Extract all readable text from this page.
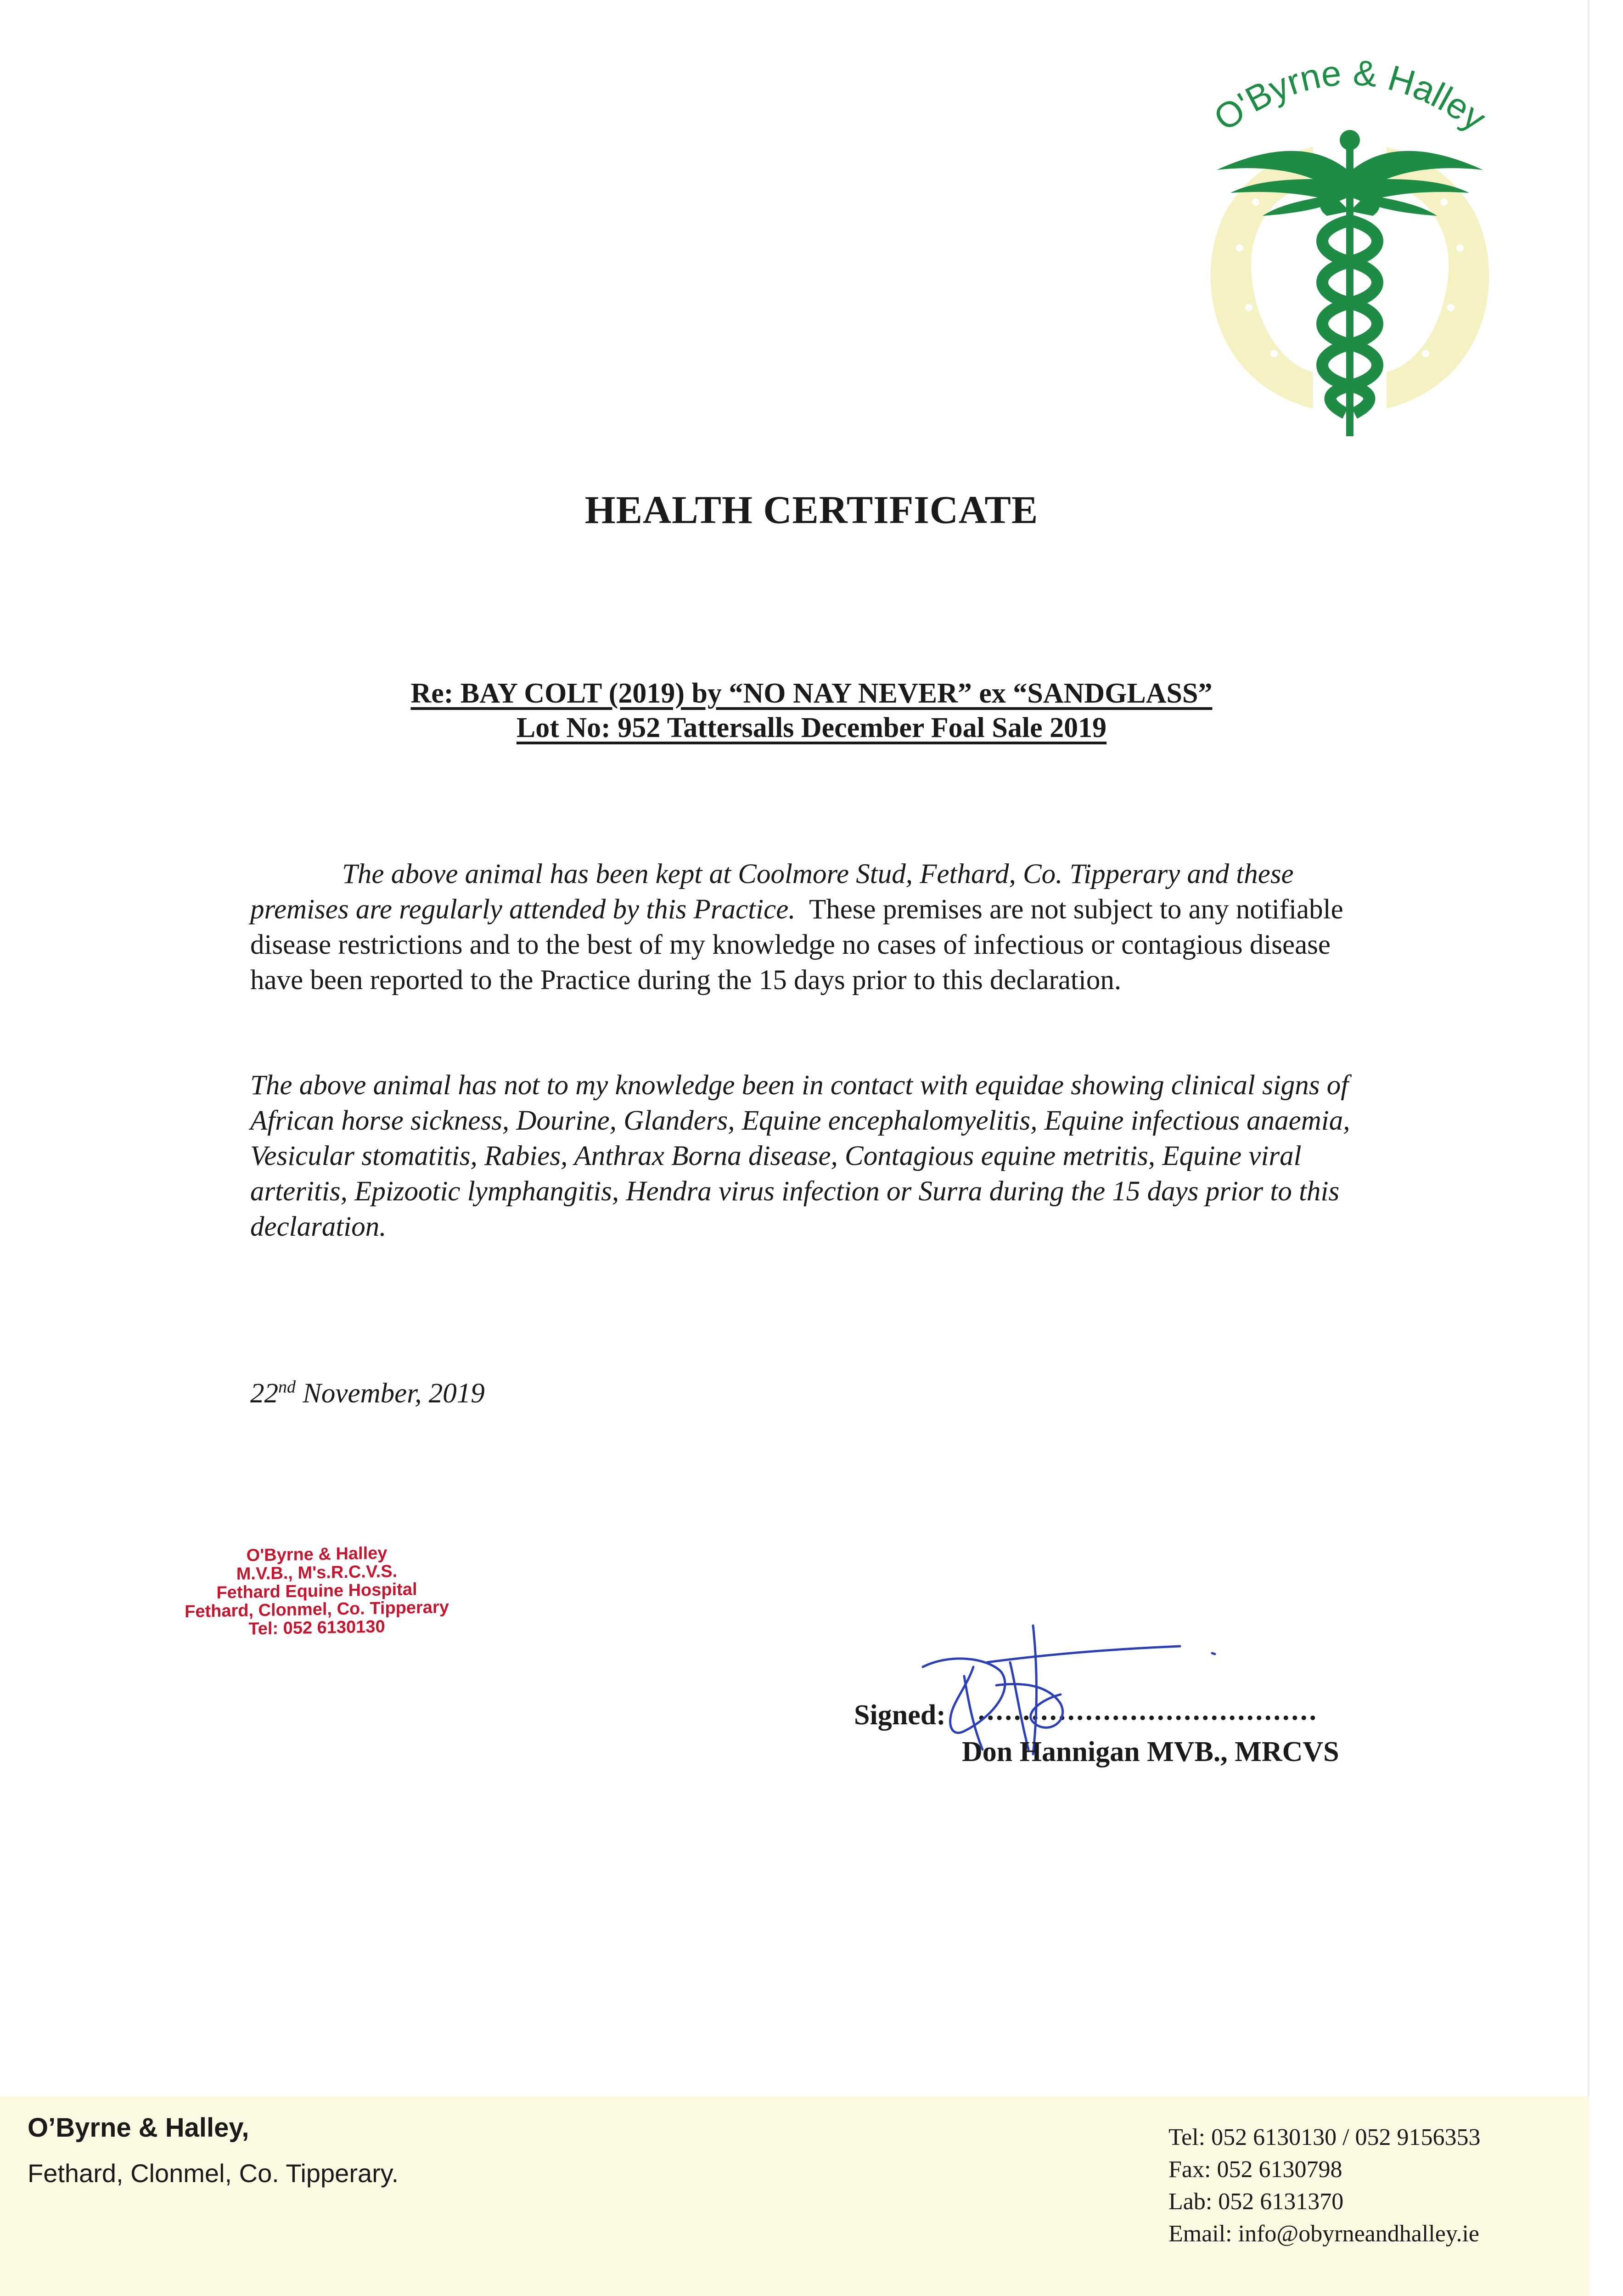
O'Byrne & Halley
HEALTH CERTIFICATE
Re: BAY COLT (2019) by “NO NAY NEVER” ex “SANDGLASS”
Lot No: 952 Tattersalls December Foal Sale 2019

The above animal has been kept at Coolmore Stud, Fethard, Co. Tipperary and these premises are regularly attended by this Practice. These premises are not subject to any notifiable disease restrictions and to the best of my knowledge no cases of infectious or contagious disease have been reported to the Practice during the 15 days prior to this declaration.

The above animal has not to my knowledge been in contact with equidae showing clinical signs of African horse sickness, Dourine, Glanders, Equine encephalomyelitis, Equine infectious anaemia, Vesicular stomatitis, Rabies, Anthrax Borna disease, Contagious equine metritis, Equine viral arteritis, Epizootic lymphangitis, Hendra virus infection or Surra during the 15 days prior to this declaration.

22nd November, 2019
O'Byrne & Halley
M.V.B., M's.R.C.V.S.
Fethard Equine Hospital
Fethard, Clonmel, Co. Tipperary
Tel: 052 6130130
Signed: ......................................
Don Hannigan MVB., MRCVS
O’Byrne & Halley,
Fethard, Clonmel, Co. Tipperary.
Tel: 052 6130130 / 052 9156353
Fax: 052 6130798
Lab: 052 6131370
Email: info@obyrneandhalley.ie
